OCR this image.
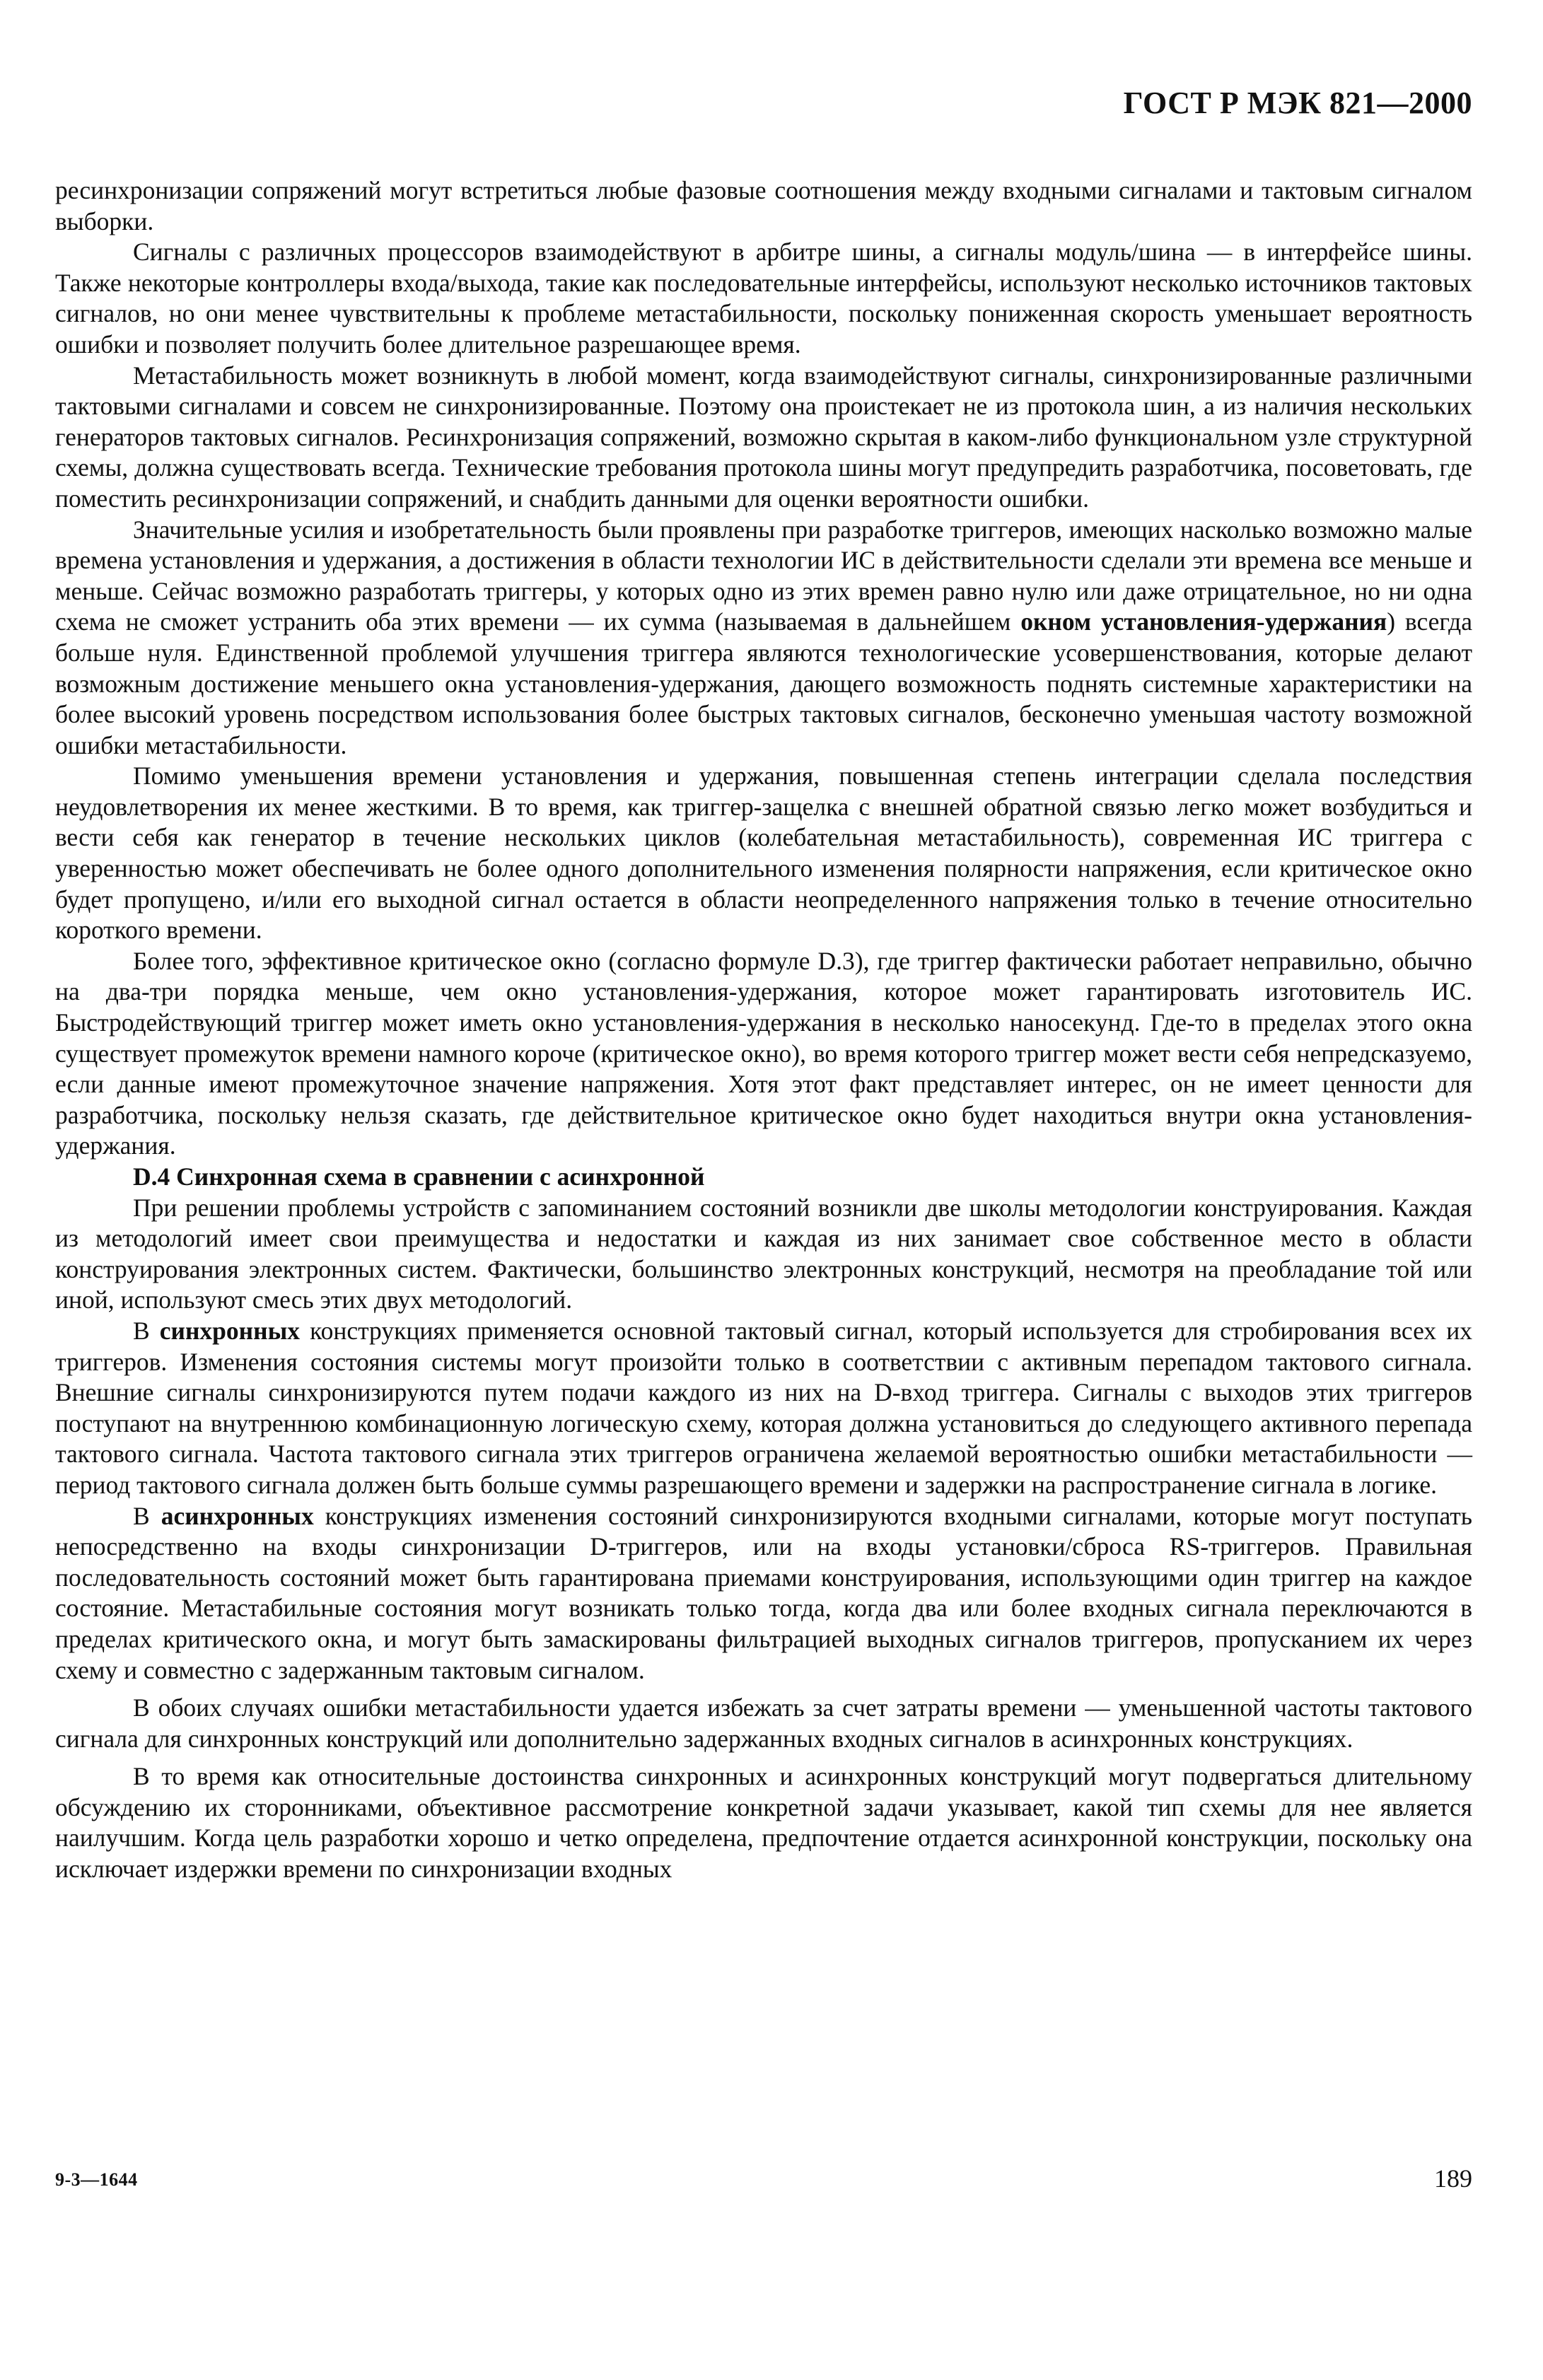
ГОСТ Р МЭК 821—2000

ресинхронизации сопряжений могут встретиться любые фазовые соотношения между входными сигналами и тактовым сигналом выборки.

Сигналы с различных процессоров взаимодействуют в арбитре шины, а сигналы модуль/шина — в интерфейсе шины. Также некоторые контроллеры входа/выхода, такие как последовательные интерфейсы, используют несколько источников тактовых сигналов, но они менее чувствительны к проблеме метастабильности, поскольку пониженная скорость уменьшает вероятность ошибки и позволяет получить более длительное разрешающее время.

Метастабильность может возникнуть в любой момент, когда взаимодействуют сигналы, синхронизированные различными тактовыми сигналами и совсем не синхронизированные. Поэтому она проистекает не из протокола шин, а из наличия нескольких генераторов тактовых сигналов. Ресинхронизация сопряжений, возможно скрытая в каком-либо функциональном узле структурной схемы, должна существовать всегда. Технические требования протокола шины могут предупредить разработчика, посоветовать, где поместить ресинхронизации сопряжений, и снабдить данными для оценки вероятности ошибки.

Значительные усилия и изобретательность были проявлены при разработке триггеров, имеющих насколько возможно малые времена установления и удержания, а достижения в области технологии ИС в действительности сделали эти времена все меньше и меньше. Сейчас возможно разработать триггеры, у которых одно из этих времен равно нулю или даже отрицательное, но ни одна схема не сможет устранить оба этих времени — их сумма (называемая в дальнейшем окном установления-удержания) всегда больше нуля. Единственной проблемой улучшения триггера являются технологические усовершенствования, которые делают возможным достижение меньшего окна установления-удержания, дающего возможность поднять системные характеристики на более высокий уровень посредством использования более быстрых тактовых сигналов, бесконечно уменьшая частоту возможной ошибки метастабильности.

Помимо уменьшения времени установления и удержания, повышенная степень интеграции сделала последствия неудовлетворения их менее жесткими. В то время, как триггер-защелка с внешней обратной связью легко может возбудиться и вести себя как генератор в течение нескольких циклов (колебательная метастабильность), современная ИС триггера с уверенностью может обеспечивать не более одного дополнительного изменения полярности напряжения, если критическое окно будет пропущено, и/или его выходной сигнал остается в области неопределенного напряжения только в течение относительно короткого времени.

Более того, эффективное критическое окно (согласно формуле D.3), где триггер фактически работает неправильно, обычно на два-три порядка меньше, чем окно установления-удержания, которое может гарантировать изготовитель ИС. Быстродействующий триггер может иметь окно установления-удержания в несколько наносекунд. Где-то в пределах этого окна существует промежуток времени намного короче (критическое окно), во время которого триггер может вести себя непредсказуемо, если данные имеют промежуточное значение напряжения. Хотя этот факт представляет интерес, он не имеет ценности для разработчика, поскольку нельзя сказать, где действительное критическое окно будет находиться внутри окна установления-удержания.

D.4 Синхронная схема в сравнении с асинхронной

При решении проблемы устройств с запоминанием состояний возникли две школы методологии конструирования. Каждая из методологий имеет свои преимущества и недостатки и каждая из них занимает свое собственное место в области конструирования электронных систем. Фактически, большинство электронных конструкций, несмотря на преобладание той или иной, используют смесь этих двух методологий.

В синхронных конструкциях применяется основной тактовый сигнал, который используется для стробирования всех их триггеров. Изменения состояния системы могут произойти только в соответствии с активным перепадом тактового сигнала. Внешние сигналы синхронизируются путем подачи каждого из них на D-вход триггера. Сигналы с выходов этих триггеров поступают на внутреннюю комбинационную логическую схему, которая должна установиться до следующего активного перепада тактового сигнала. Частота тактового сигнала этих триггеров ограничена желаемой вероятностью ошибки метастабильности — период тактового сигнала должен быть больше суммы разрешающего времени и задержки на распространение сигнала в логике.

В асинхронных конструкциях изменения состояний синхронизируются входными сигналами, которые могут поступать непосредственно на входы синхронизации D-триггеров, или на входы установки/сброса RS-триггеров. Правильная последовательность состояний может быть гарантирована приемами конструирования, использующими один триггер на каждое состояние. Метастабильные состояния могут возникать только тогда, когда два или более входных сигнала переключаются в пределах критического окна, и могут быть замаскированы фильтрацией выходных сигналов триггеров, пропусканием их через схему и совместно с задержанным тактовым сигналом.

В обоих случаях ошибки метастабильности удается избежать за счет затраты времени — уменьшенной частоты тактового сигнала для синхронных конструкций или дополнительно задержанных входных сигналов в асинхронных конструкциях.

В то время как относительные достоинства синхронных и асинхронных конструкций могут подвергаться длительному обсуждению их сторонниками, объективное рассмотрение конкретной задачи указывает, какой тип схемы для нее является наилучшим. Когда цель разработки хорошо и четко определена, предпочтение отдается асинхронной конструкции, поскольку она исключает издержки времени по синхронизации входных

9-3—1644	189
